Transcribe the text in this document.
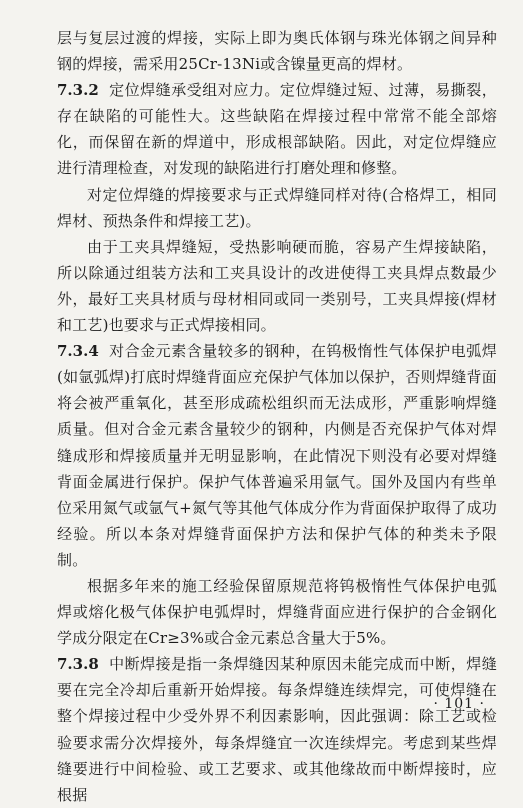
层与复层过渡的焊接，实际上即为奥氏体钢与珠光体钢之间异种钢的焊接，需采用25Cr-13Ni或含镍量更高的焊材。

7.3.2 定位焊缝承受组对应力。定位焊缝过短、过薄，易撕裂，存在缺陷的可能性大。这些缺陷在焊接过程中常常不能全部熔化，而保留在新的焊道中，形成根部缺陷。因此，对定位焊缝应进行清理检查，对发现的缺陷进行打磨处理和修整。

对定位焊缝的焊接要求与正式焊缝同样对待(合格焊工，相同焊材、预热条件和焊接工艺)。

由于工夹具焊缝短，受热影响硬而脆，容易产生焊接缺陷，所以除通过组装方法和工夹具设计的改进使得工夹具焊点数最少外，最好工夹具材质与母材相同或同一类别号，工夹具焊接(焊材和工艺)也要求与正式焊接相同。

7.3.4 对合金元素含量较多的钢种，在钨极惰性气体保护电弧焊(如氩弧焊)打底时焊缝背面应充保护气体加以保护，否则焊缝背面将会被严重氧化，甚至形成疏松组织而无法成形，严重影响焊缝质量。但对合金元素含量较少的钢种，内侧是否充保护气体对焊缝成形和焊接质量并无明显影响，在此情况下则没有必要对焊缝背面金属进行保护。保护气体普遍采用氩气。国外及国内有些单位采用氮气或氩气+氮气等其他气体成分作为背面保护取得了成功经验。所以本条对焊缝背面保护方法和保护气体的种类未予限制。

根据多年来的施工经验保留原规范将钨极惰性气体保护电弧焊或熔化极气体保护电弧焊时，焊缝背面应进行保护的合金钢化学成分限定在Cr≥3%或合金元素总含量大于5%。

7.3.8 中断焊接是指一条焊缝因某种原因未能完成而中断，焊缝要在完全冷却后重新开始焊接。每条焊缝连续焊完，可使焊缝在整个焊接过程中少受外界不利因素影响，因此强调：除工艺或检验要求需分次焊接外，每条焊缝宜一次连续焊完。考虑到某些焊缝要进行中间检验、或工艺要求、或其他缘故而中断焊接时，应根据

· 101 ·
